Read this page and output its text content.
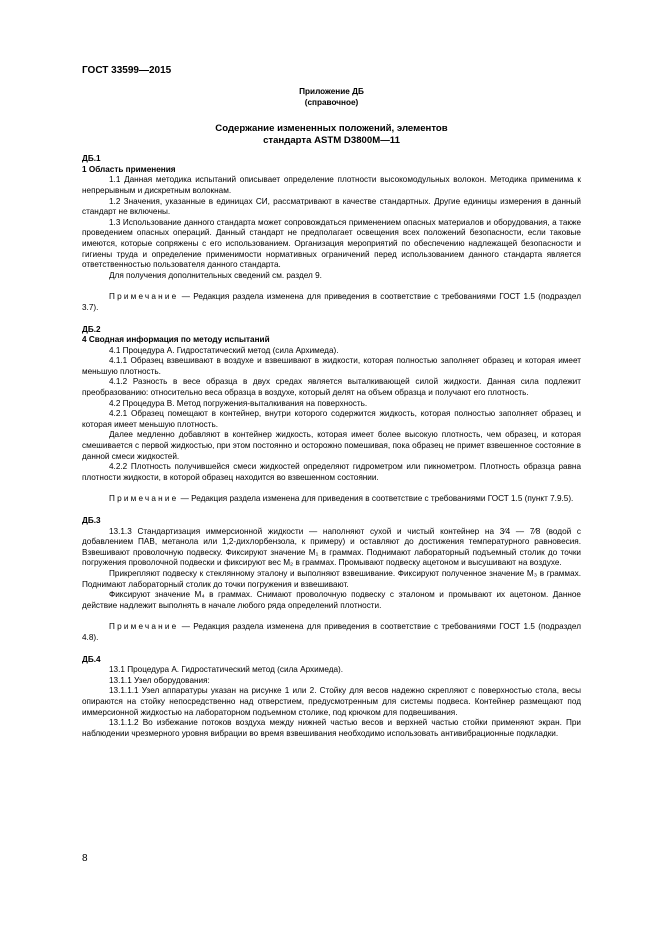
ГОСТ 33599—2015

Приложение ДБ

(справочное)

Содержание измененных положений, элементов
стандарта ASTM D3800M—11

ДБ.1

1 Область применения

1.1 Данная методика испытаний описывает определение плотности высокомодульных волокон. Методика применима к непрерывным и дискретным волокнам.

1.2 Значения, указанные в единицах СИ, рассматривают в качестве стандартных. Другие единицы измерения в данный стандарт не включены.

1.3 Использование данного стандарта может сопровождаться применением опасных материалов и оборудования, а также проведением опасных операций. Данный стандарт не предполагает освещения всех положений безопасности, если таковые имеются, которые сопряжены с его использованием. Организация мероприятий по обеспечению надлежащей безопасности и гигиены труда и определение применимости нормативных ограничений перед использованием данного стандарта является ответственностью пользователя данного стандарта.

Для получения дополнительных сведений см. раздел 9.

Примечание — Редакция раздела изменена для приведения в соответствие с требованиями ГОСТ 1.5 (подраздел 3.7).

ДБ.2

4 Сводная информация по методу испытаний

4.1 Процедура А. Гидростатический метод (сила Архимеда).

4.1.1 Образец взвешивают в воздухе и взвешивают в жидкости, которая полностью заполняет образец и которая имеет меньшую плотность.

4.1.2 Разность в весе образца в двух средах является выталкивающей силой жидкости. Данная сила подлежит преобразованию: относительно веса образца в воздухе, который делят на объем образца и получают его плотность.

4.2 Процедура В. Метод погружения-выталкивания на поверхность.

4.2.1 Образец помещают в контейнер, внутри которого содержится жидкость, которая полностью заполняет образец и которая имеет меньшую плотность.

Далее медленно добавляют в контейнер жидкость, которая имеет более высокую плотность, чем образец, и которая смешивается с первой жидкостью, при этом постоянно и осторожно помешивая, пока образец не примет взвешенное состояние в данной смеси жидкостей.

4.2.2 Плотность получившейся смеси жидкостей определяют гидрометром или пикнометром. Плотность образца равна плотности жидкости, в которой образец находится во взвешенном состоянии.

Примечание — Редакция раздела изменена для приведения в соответствие с требованиями ГОСТ 1.5 (пункт 7.9.5).

ДБ.3

13.1.3 Стандартизация иммерсионной жидкости — наполняют сухой и чистый контейнер на 3⁄4 — 7⁄8 (водой с добавлением ПАВ, метанола или 1,2-дихлорбензола, к примеру) и оставляют до достижения температурного равновесия. Взвешивают проволочную подвеску. Фиксируют значение M₁ в граммах. Поднимают лабораторный подъемный столик до точки погружения проволочной подвески и фиксируют вес M₂ в граммах. Промывают подвеску ацетоном и высушивают на воздухе.

Прикрепляют подвеску к стеклянному эталону и выполняют взвешивание. Фиксируют полученное значение M₃ в граммах. Поднимают лабораторный столик до точки погружения и взвешивают.

Фиксируют значение M₄ в граммах. Снимают проволочную подвеску с эталоном и промывают их ацетоном. Данное действие надлежит выполнять в начале любого ряда определений плотности.

Примечание — Редакция раздела изменена для приведения в соответствие с требованиями ГОСТ 1.5 (подраздел 4.8).

ДБ.4

13.1 Процедура А. Гидростатический метод (сила Архимеда).

13.1.1 Узел оборудования:

13.1.1.1 Узел аппаратуры указан на рисунке 1 или 2. Стойку для весов надежно скрепляют с поверхностью стола, весы опираются на стойку непосредственно над отверстием, предусмотренным для системы подвеса. Контейнер размещают под иммерсионной жидкостью на лабораторном подъемном столике, под крючком для подвешивания.

13.1.1.2 Во избежание потоков воздуха между нижней частью весов и верхней частью стойки применяют экран. При наблюдении чрезмерного уровня вибрации во время взвешивания необходимо использовать антивибрационные подкладки.

8
